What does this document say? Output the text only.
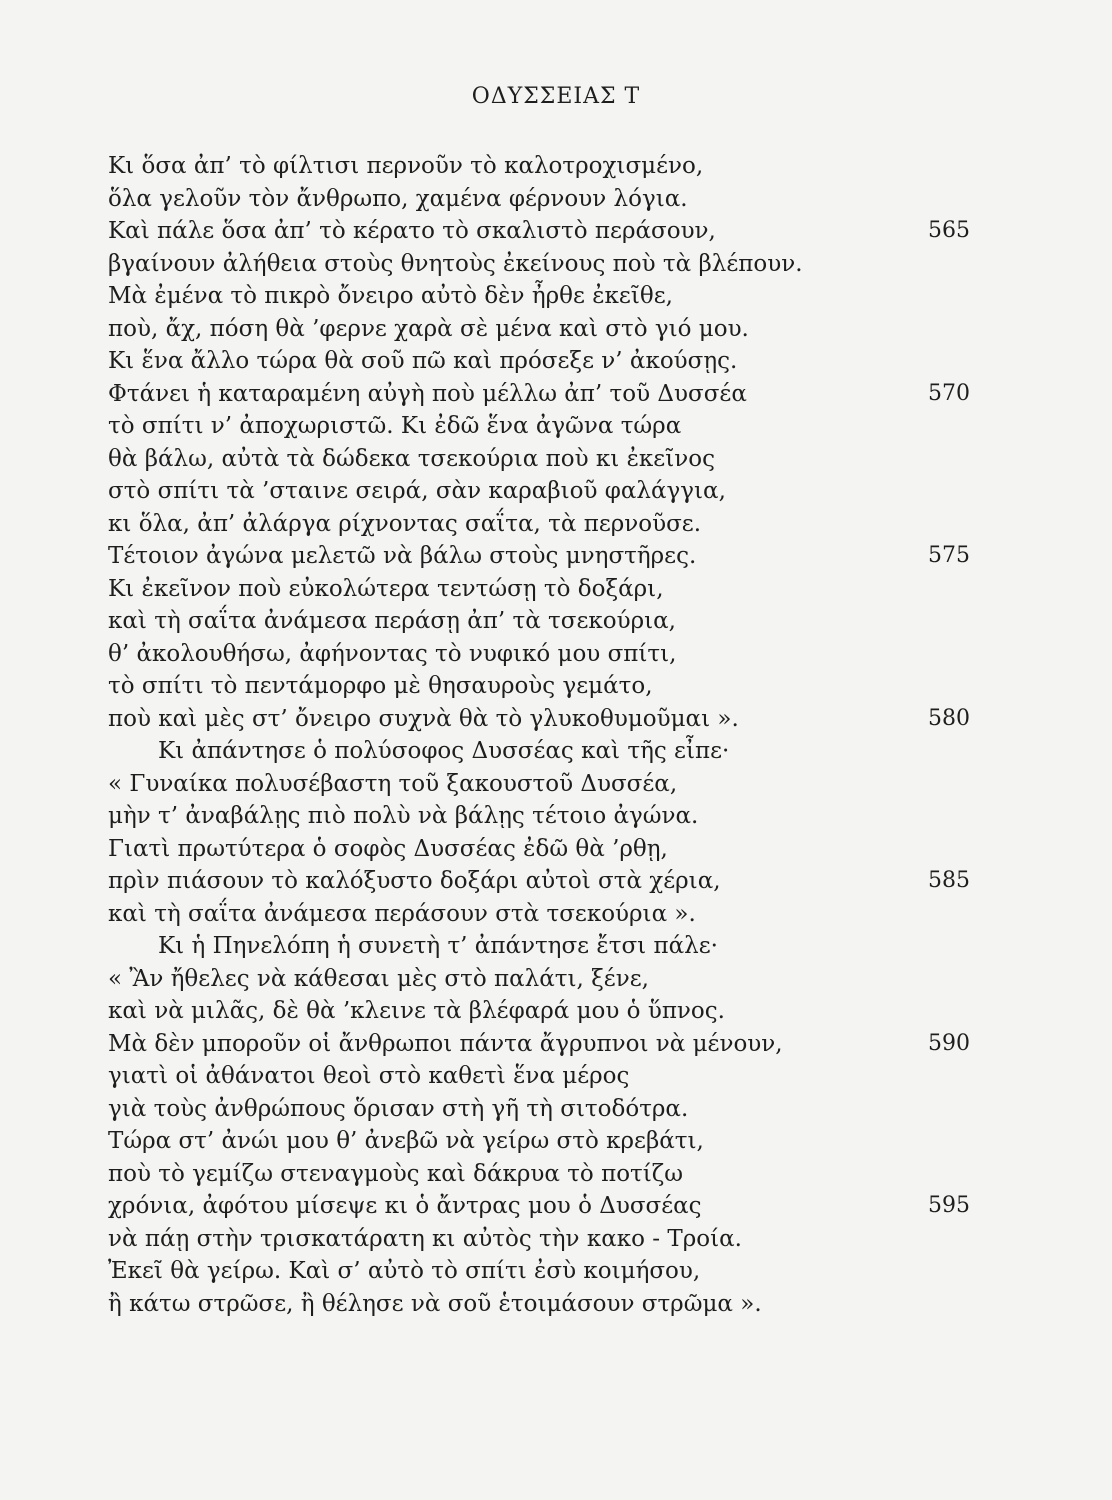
ΟΔΥΣΣΕΙΑΣ Τ
Κι ὅσα ἀπ’ τὸ φίλτισι περνοῦν τὸ καλοτροχισμένο,
ὅλα γελοῦν τὸν ἄνθρωπο, χαμένα φέρνουν λόγια.
Καὶ πάλε ὅσα ἀπ’ τὸ κέρατο τὸ σκαλιστὸ περάσουν,	565
βγαίνουν ἀλήθεια στοὺς θνητοὺς ἐκείνους ποὺ τὰ βλέπουν.
Μὰ ἐμένα τὸ πικρὸ ὄνειρο αὐτὸ δὲν ἦρθε ἐκεῖθε,
ποὺ, ἄχ, πόση θὰ ’φερνε χαρὰ σὲ μένα καὶ στὸ γιό μου.
Κι ἕνα ἄλλο τώρα θὰ σοῦ πῶ καὶ πρόσεξε ν’ ἀκούσῃς.
Φτάνει ἡ καταραμένη αὐγὴ ποὺ μέλλω ἀπ’ τοῦ Δυσσέα	570
τὸ σπίτι ν’ ἀποχωριστῶ. Κι ἐδῶ ἕνα ἀγῶνα τώρα
θὰ βάλω, αὐτὰ τὰ δώδεκα τσεκούρια ποὺ κι ἐκεῖνος
στὸ σπίτι τὰ ’σταινε σειρά, σὰν καραβιοῦ φαλάγγια,
κι ὅλα, ἀπ’ ἀλάργα ρίχνοντας σαΐτα, τὰ περνοῦσε.
Τέτοιον ἀγώνα μελετῶ νὰ βάλω στοὺς μνηστῆρες.	575
Κι ἐκεῖνον ποὺ εὐκολώτερα τεντώσῃ τὸ δοξάρι,
καὶ τὴ σαΐτα ἀνάμεσα περάσῃ ἀπ’ τὰ τσεκούρια,
θ’ ἀκολουθήσω, ἀφήνοντας τὸ νυφικό μου σπίτι,
τὸ σπίτι τὸ πεντάμορφο μὲ θησαυροὺς γεμάτο,
ποὺ καὶ μὲς στ’ ὄνειρο συχνὰ θὰ τὸ γλυκοθυμοῦμαι ».	580
Κι ἀπάντησε ὁ πολύσοφος Δυσσέας καὶ τῆς εἶπε·
« Γυναίκα πολυσέβαστη τοῦ ξακουστοῦ Δυσσέα,
μὴν τ’ ἀναβάλῃς πιὸ πολὺ νὰ βάλῃς τέτοιο ἀγώνα.
Γιατὶ πρωτύτερα ὁ σοφὸς Δυσσέας ἐδῶ θὰ ’ρθῃ,
πρὶν πιάσουν τὸ καλόξυστο δοξάρι αὐτοὶ στὰ χέρια,	585
καὶ τὴ σαΐτα ἀνάμεσα περάσουν στὰ τσεκούρια ».
Κι ἡ Πηνελόπη ἡ συνετὴ τ’ ἀπάντησε ἔτσι πάλε·
« Ἂν ἤθελες νὰ κάθεσαι μὲς στὸ παλάτι, ξένε,
καὶ νὰ μιλᾶς, δὲ θὰ ’κλεινε τὰ βλέφαρά μου ὁ ὕπνος.
Μὰ δὲν μποροῦν οἱ ἄνθρωποι πάντα ἄγρυπνοι νὰ μένουν,	590
γιατὶ οἱ ἀθάνατοι θεοὶ στὸ καθετὶ ἕνα μέρος
γιὰ τοὺς ἀνθρώπους ὅρισαν στὴ γῆ τὴ σιτοδότρα.
Τώρα στ’ ἀνώι μου θ’ ἀνεβῶ νὰ γείρω στὸ κρεβάτι,
ποὺ τὸ γεμίζω στεναγμοὺς καὶ δάκρυα τὸ ποτίζω
χρόνια, ἀφότου μίσεψε κι ὁ ἄντρας μου ὁ Δυσσέας	595
νὰ πάῃ στὴν τρισκατάρατη κι αὐτὸς τὴν κακο - Τροία.
Ἐκεῖ θὰ γείρω. Καὶ σ’ αὐτὸ τὸ σπίτι ἐσὺ κοιμήσου,
ἢ κάτω στρῶσε, ἢ θέλησε νὰ σοῦ ἑτοιμάσουν στρῶμα ».
